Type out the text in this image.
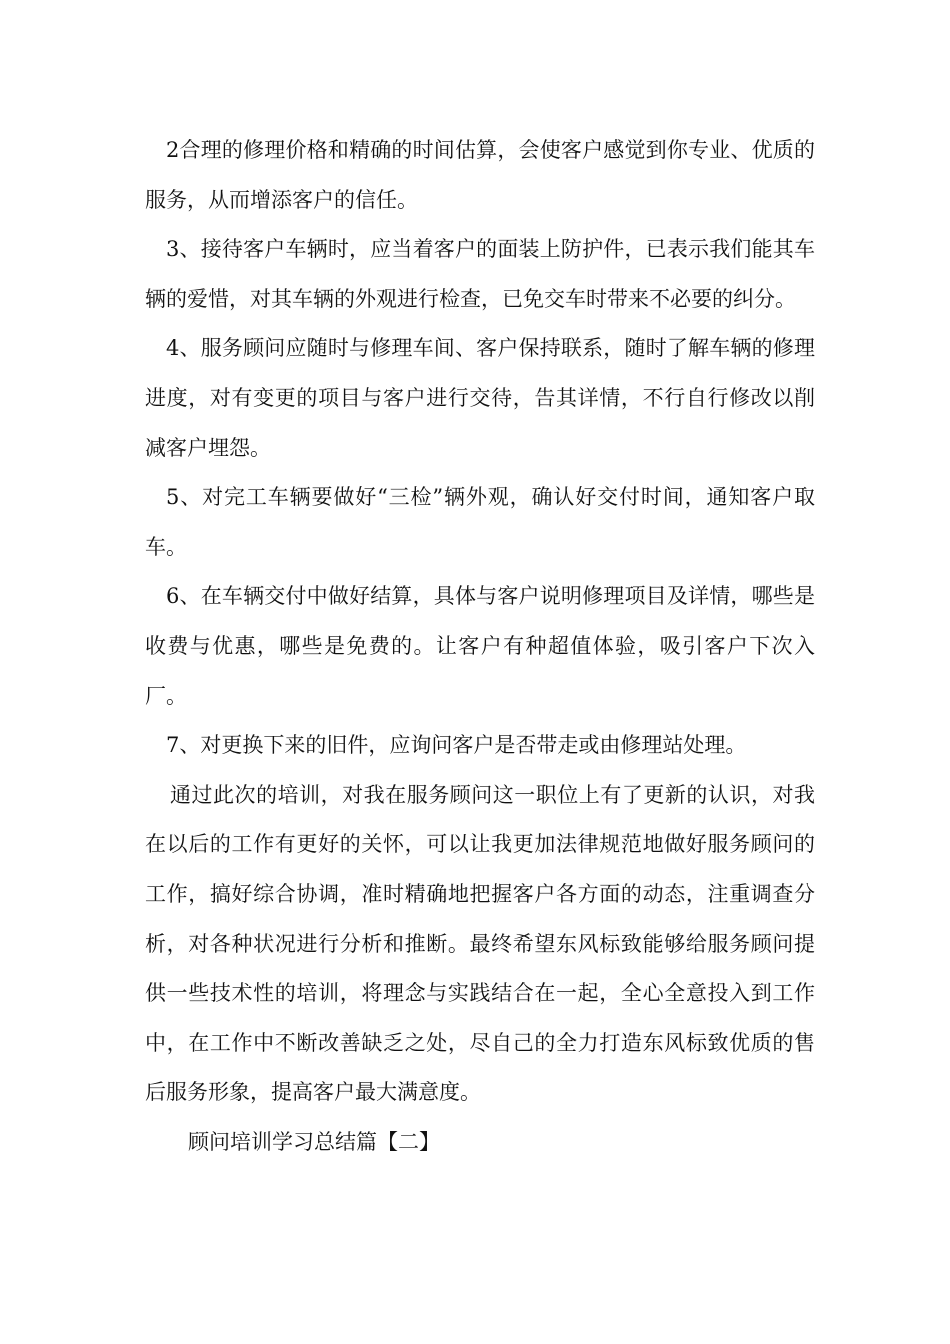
2合理的修理价格和精确的时间估算，会使客户感觉到你专业、优质的服务，从而增添客户的信任。

3、接待客户车辆时，应当着客户的面装上防护件，已表示我们能其车辆的爱惜，对其车辆的外观进行检查，已免交车时带来不必要的纠分。

4、服务顾问应随时与修理车间、客户保持联系，随时了解车辆的修理进度，对有变更的项目与客户进行交待，告其详情，不行自行修改以削减客户埋怨。

5、对完工车辆要做好“三检”辆外观，确认好交付时间，通知客户取车。

6、在车辆交付中做好结算，具体与客户说明修理项目及详情，哪些是收费与优惠，哪些是免费的。让客户有种超值体验，吸引客户下次入厂。

7、对更换下来的旧件，应询问客户是否带走或由修理站处理。

通过此次的培训，对我在服务顾问这一职位上有了更新的认识，对我在以后的工作有更好的关怀，可以让我更加法律规范地做好服务顾问的工作，搞好综合协调，准时精确地把握客户各方面的动态，注重调查分析，对各种状况进行分析和推断。最终希望东风标致能够给服务顾问提供一些技术性的培训，将理念与实践结合在一起，全心全意投入到工作中，在工作中不断改善缺乏之处，尽自己的全力打造东风标致优质的售后服务形象，提高客户最大满意度。

顾问培训学习总结篇【二】
